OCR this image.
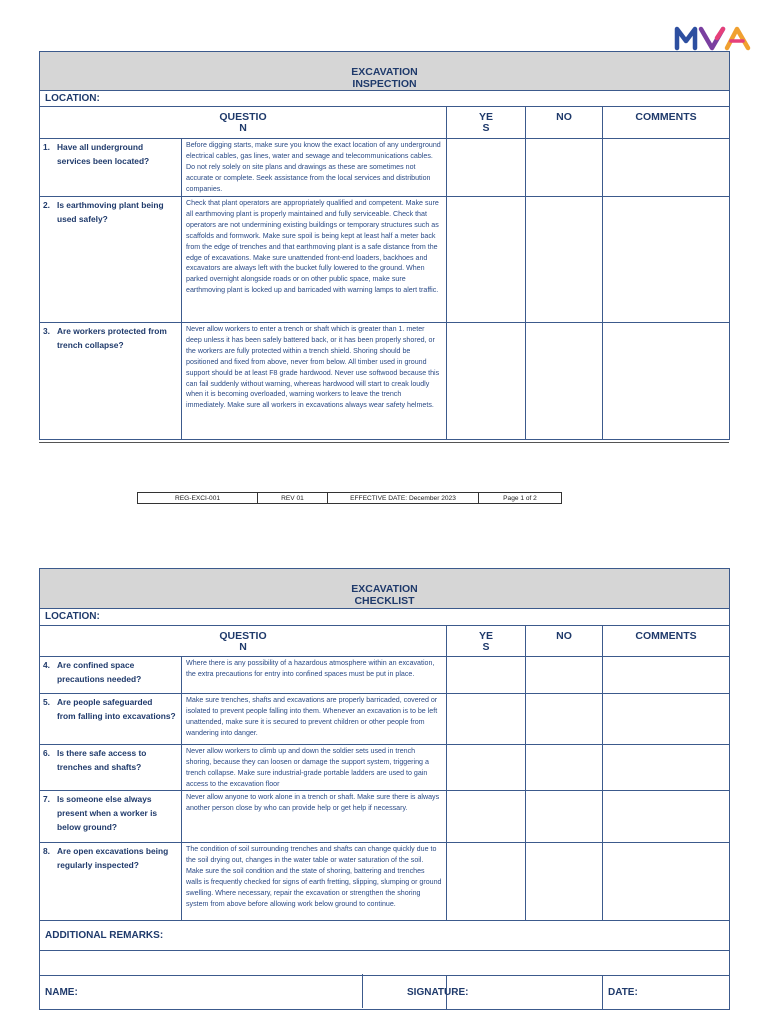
EXCAVATION
INSPECTION				

LOCATION:				

QUESTIO
N		YE
S	NO	COMMENTS

1. Have all underground
services been located?	Before digging starts, make sure you know the exact location of any underground electrical cables, gas lines, water and sewage and telecommunications cables. Do not rely solely on site plans and drawings as these are sometimes not accurate or complete. Seek assistance from the local services and distribution companies.			
2. Is earthmoving plant being
used safely?	Check that plant operators are appropriately qualified and competent. Make sure all earthmoving plant is properly maintained and fully serviceable. Check that operators are not undermining existing buildings or temporary structures such as scaffolds and formwork. Make sure spoil is being kept at least half a meter back from the edge of trenches and that earthmoving plant is a safe distance from the edge of excavations. Make sure unattended front-end loaders, backhoes and excavators are always left with the bucket fully lowered to the ground. When parked overnight alongside roads or on other public space, make sure earthmoving plant is locked up and barricaded with warning lamps to alert traffic.			
3. Are workers protected from
trench collapse?	Never allow workers to enter a trench or shaft which is greater than 1. meter deep unless it has been safely battered back, or it has been properly shored, or the workers are fully protected within a trench shield. Shoring should be positioned and fixed from above, never from below. All timber used in ground support should be at least F8 grade hardwood. Never use softwood because this can fail suddenly without warning, whereas hardwood will start to creak loudly when it is becoming overloaded, warning workers to leave the trench immediately. Make sure all workers in excavations always wear safety helmets.			
REG-EXCI-001	REV 01	EFFECTIVE DATE: December 2023	Page 1 of 2
EXCAVATION
CHECKLIST				

LOCATION:				

QUESTIO
N		YE
S	NO	COMMENTS

4. Are confined space
precautions needed?	Where there is any possibility of a hazardous atmosphere within an excavation, the extra precautions for entry into confined spaces must be put in place.			
5. Are people safeguarded
from falling into excavations?	Make sure trenches, shafts and excavations are properly barricaded, covered or isolated to prevent people falling into them. Whenever an excavation is to be left unattended, make sure it is secured to prevent children or other people from wandering into danger.			
6. Is there safe access to
trenches and shafts?	Never allow workers to climb up and down the soldier sets used in trench shoring, because they can loosen or damage the support system, triggering a trench collapse. Make sure industrial-grade portable ladders are used to gain access to the excavation floor			
7. Is someone else always
present when a worker is below ground?	Never allow anyone to work alone in a trench or shaft. Make sure there is always another person close by who can provide help or get help if necessary.			
8. Are open excavations being
regularly inspected?	The condition of soil surrounding trenches and shafts can change quickly due to the soil drying out, changes in the water table or water saturation of the soil. Make sure the soil condition and the state of shoring, battering and trenches walls is frequently checked for signs of earth fretting, slipping, slumping or ground swelling. Where necessary, repair the excavation or strengthen the shoring system from above before allowing work below ground to continue.			
ADDITIONAL REMARKS:				

NAME:		SIGNATURE:		DATE:
